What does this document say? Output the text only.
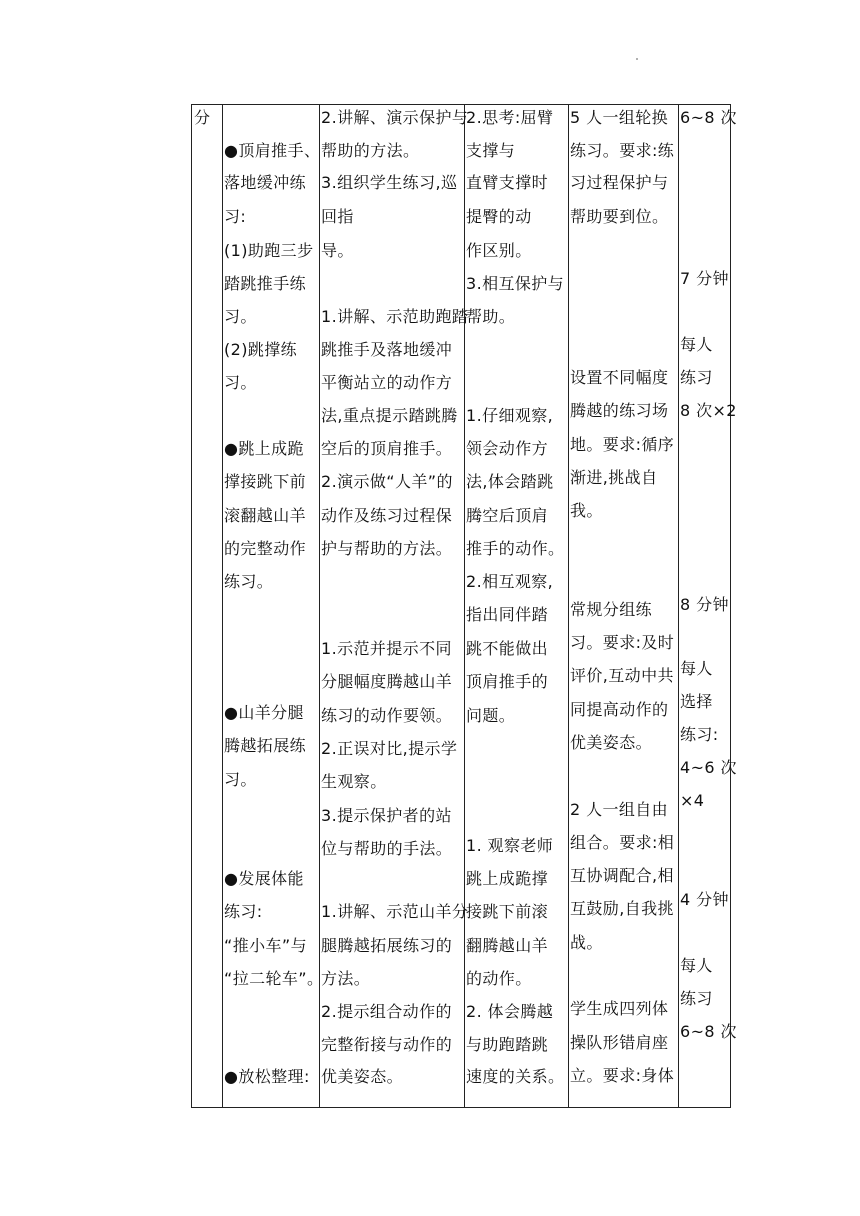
分
●顶肩推手、
落地缓冲练
习:
(1)助跑三步
踏跳推手练
习。
(2)跳撑练
习。
●跳上成跪
撑接跳下前
滚翻越山羊
的完整动作
练习。
●山羊分腿
腾越拓展练
习。
●发展体能
练习:
“推小车”与
“拉二轮车”。
●放松整理:
2.讲解、演示保护与
帮助的方法。
3.组织学生练习,巡
回指
导。
1.讲解、示范助跑踏
跳推手及落地缓冲
平衡站立的动作方
法,重点提示踏跳腾
空后的顶肩推手。
2.演示做“人羊”的
动作及练习过程保
护与帮助的方法。
1.示范并提示不同
分腿幅度腾越山羊
练习的动作要领。
2.正误对比,提示学
生观察。
3.提示保护者的站
位与帮助的手法。
1.讲解、示范山羊分
腿腾越拓展练习的
方法。
2.提示组合动作的
完整衔接与动作的
优美姿态。
2.思考:屈臂
支撑与
直臂支撑时
提臀的动
作区别。
3.相互保护与
帮助。
1.仔细观察,
领会动作方
法,体会踏跳
腾空后顶肩
推手的动作。
2.相互观察,
指出同伴踏
跳不能做出
顶肩推手的
问题。
1. 观察老师
跳上成跪撑
接跳下前滚
翻腾越山羊
的动作。
2. 体会腾越
与助跑踏跳
速度的关系。
5 人一组轮换
练习。要求:练
习过程保护与
帮助要到位。
设置不同幅度
腾越的练习场
地。要求:循序
渐进,挑战自
我。
常规分组练
习。要求:及时
评价,互动中共
同提高动作的
优美姿态。
2 人一组自由
组合。要求:相
互协调配合,相
互鼓励,自我挑
战。
学生成四列体
操队形错肩座
立。要求:身体
6~8 次
7 分钟
每人
练习
8 次×2
8 分钟
每人
选择
练习:
4~6 次
×4
4 分钟
每人
练习
6~8 次
